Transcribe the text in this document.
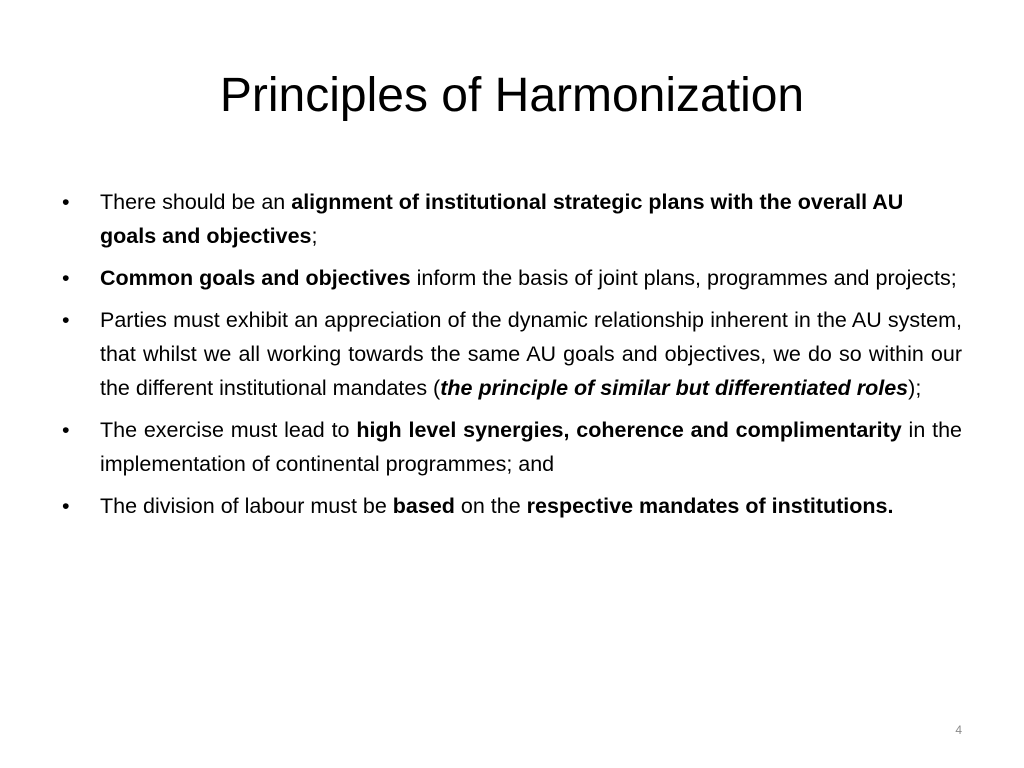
Principles of Harmonization
•	There should be an alignment of institutional strategic plans with the overall AU goals and objectives;
•	Common goals and objectives inform the basis of joint plans, programmes and projects;
•	Parties must exhibit an appreciation of the dynamic relationship inherent in the AU system, that whilst we all working towards the same AU goals and objectives, we do so within our the different institutional mandates (the principle of similar but differentiated roles);
•	The exercise must lead to high level synergies, coherence and complimentarity in the implementation of continental programmes; and
•	The division of labour must be based on the respective mandates of institutions.
4
